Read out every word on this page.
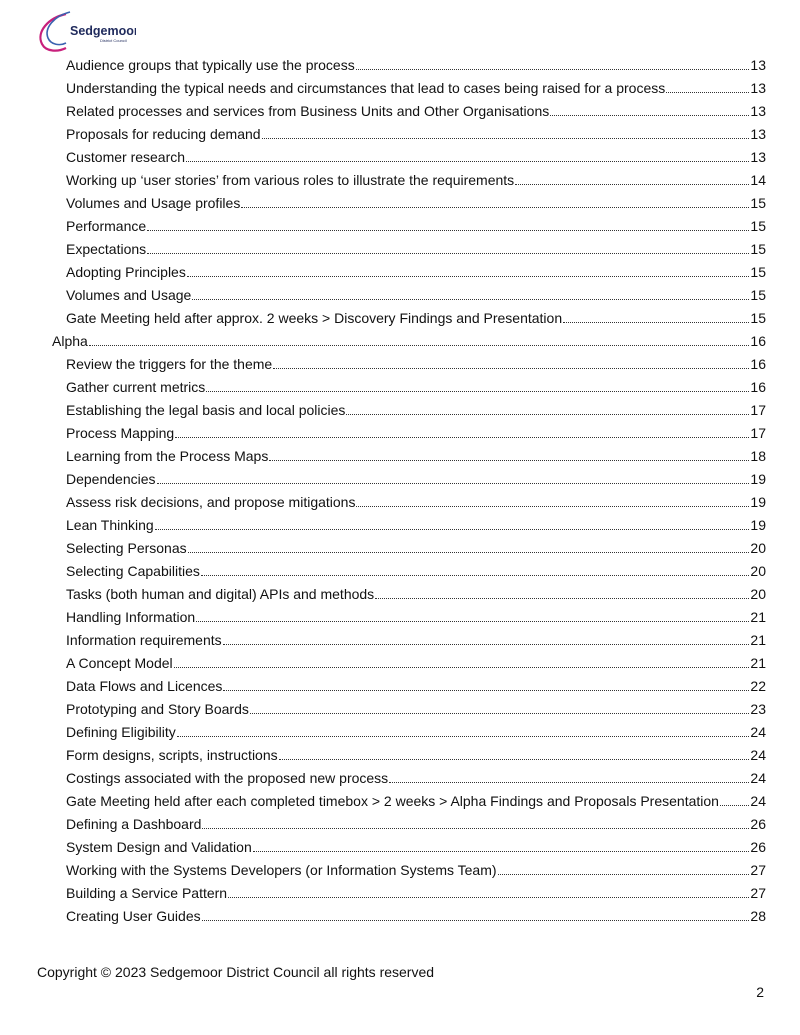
Sedgemoor
District Council
Audience groups that typically use the process	13
Understanding the typical needs and circumstances that lead to cases being raised for a process	13
Related processes and services from Business Units and Other Organisations	13
Proposals for reducing demand	13
Customer research	13
Working up ‘user stories’ from various roles to illustrate the requirements	14
Volumes and Usage profiles	15
Performance	15
Expectations	15
Adopting Principles	15
Volumes and Usage	15
Gate Meeting held after approx. 2 weeks > Discovery Findings and Presentation	15
Alpha	16
Review the triggers for the theme	16
Gather current metrics	16
Establishing the legal basis and local policies	17
Process Mapping	17
Learning from the Process Maps	18
Dependencies	19
Assess risk decisions, and propose mitigations	19
Lean Thinking	19
Selecting Personas	20
Selecting Capabilities	20
Tasks (both human and digital) APIs and methods	20
Handling Information	21
Information requirements	21
A Concept Model	21
Data Flows and Licences	22
Prototyping and Story Boards	23
Defining Eligibility	24
Form designs, scripts, instructions	24
Costings associated with the proposed new process	24
Gate Meeting held after each completed timebox > 2 weeks > Alpha Findings and Proposals Presentation 24
Defining a Dashboard	26
System Design and Validation	26
Working with the Systems Developers (or Information Systems Team)	27
Building a Service Pattern	27
Creating User Guides	28
Copyright © 2023 Sedgemoor District Council all rights reserved
2
